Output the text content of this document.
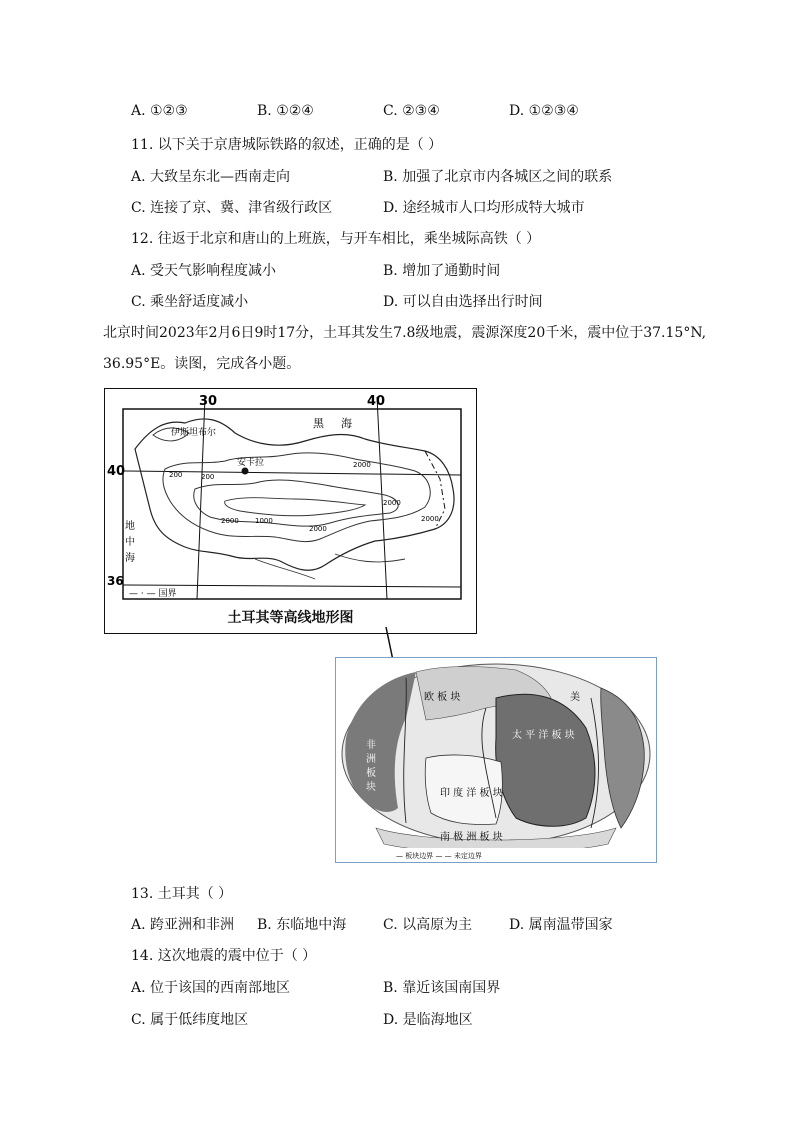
A. ①②③	B. ①②④	C. ②③④	D. ①②③④
11. 以下关于京唐城际铁路的叙述，正确的是（ ）
A. 大致呈东北—西南走向	B. 加强了北京市内各城区之间的联系
C. 连接了京、冀、津省级行政区	D. 途经城市人口均形成特大城市
12. 往返于北京和唐山的上班族，与开车相比，乘坐城际高铁（ ）
A. 受天气影响程度减小	B. 增加了通勤时间
C. 乘坐舒适度减小	D. 可以自由选择出行时间
北京时间2023年2月6日9时17分，土耳其发生7.8级地震，震源深度20千米，震中位于37.15°N,
36.95°E。读图，完成各小题。
30	40
40
36
黑 海
伊斯坦布尔
安卡拉
地
中
海
200	200
2000
2000
2000 1000
2000
2000
— · — 国界
土耳其等高线地形图
欧 板 块
太 平 洋 板 块
印 度 洋 板 块
南 极 洲 板 块
美
非
洲
板
块
— 板块边界 — — 未定边界
13. 土耳其（ ）
A. 跨亚洲和非洲 B. 东临地中海	C. 以高原为主	D. 属南温带国家
14. 这次地震的震中位于（ ）
A. 位于该国的西南部地区	B. 靠近该国南国界
C. 属于低纬度地区	D. 是临海地区
